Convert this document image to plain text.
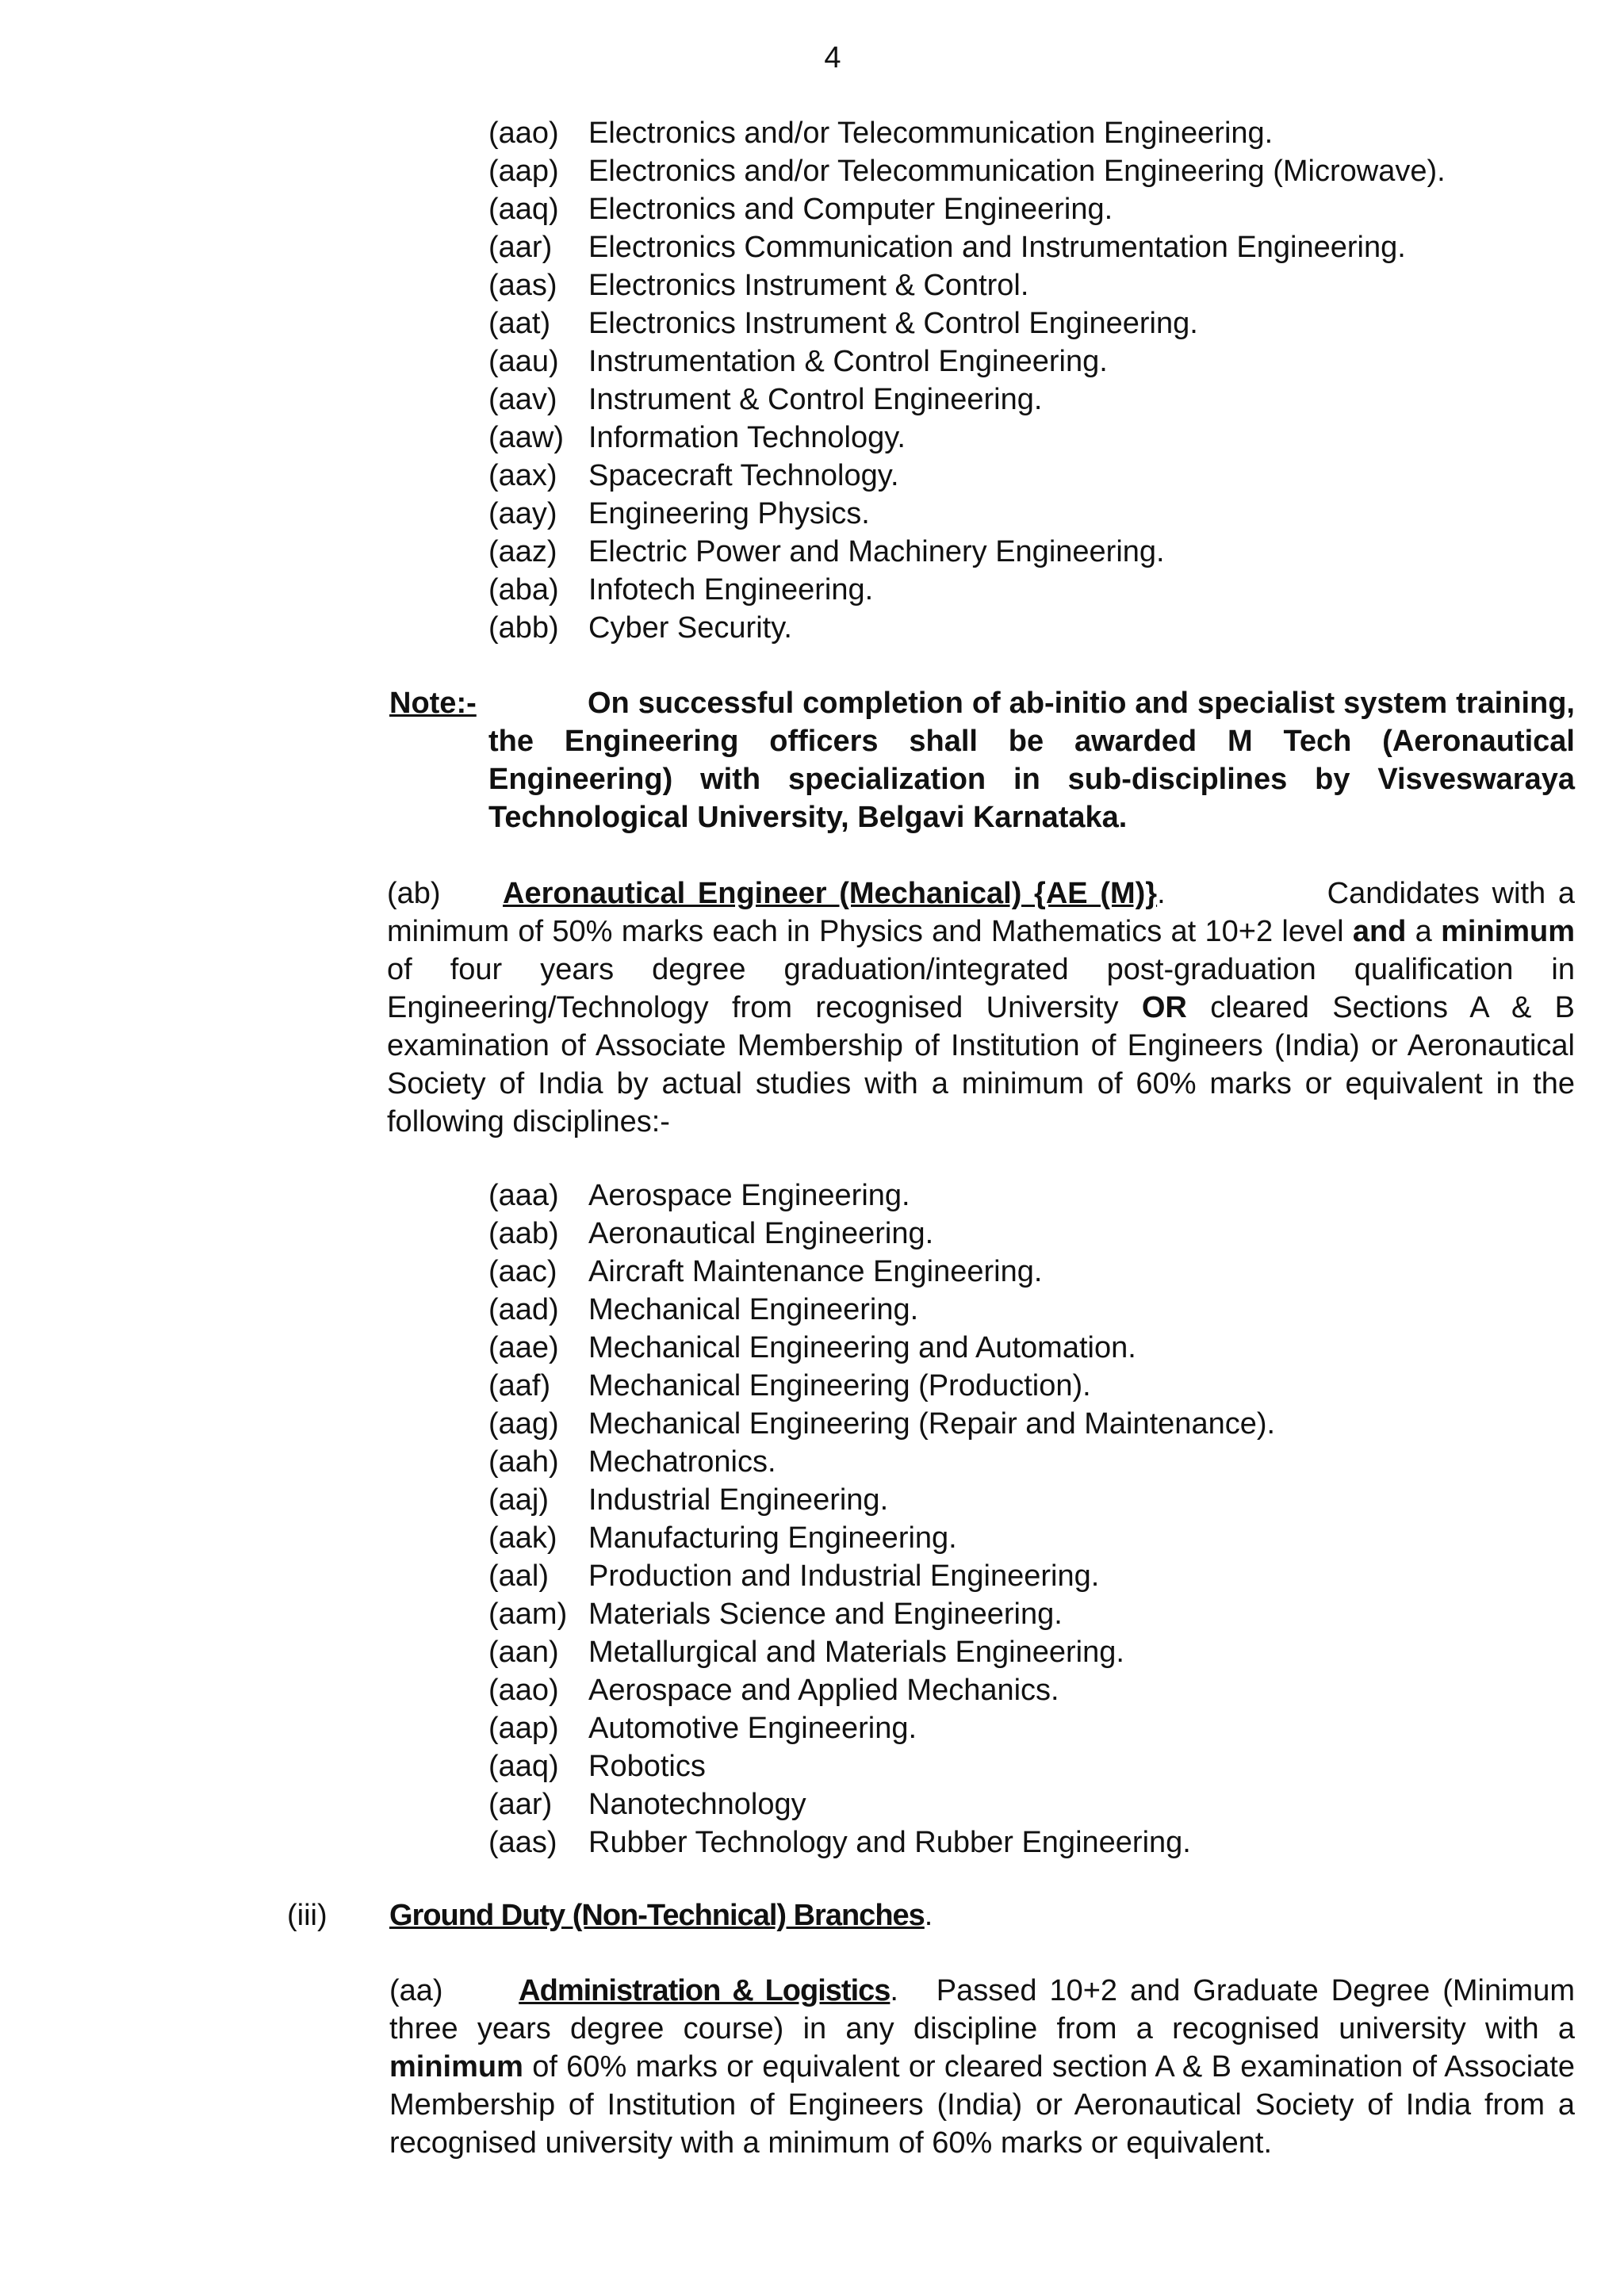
4
(aao) Electronics and/or Telecommunication Engineering.
(aap) Electronics and/or Telecommunication Engineering (Microwave).
(aaq) Electronics and Computer Engineering.
(aar)	Electronics Communication and Instrumentation Engineering.
(aas)	Electronics Instrument & Control.
(aat)	Electronics Instrument & Control Engineering.
(aau) Instrumentation & Control Engineering.
(aav)	Instrument & Control Engineering.
(aaw) Information Technology.
(aax)	Spacecraft Technology.
(aay)	Engineering Physics.
(aaz)	Electric Power and Machinery Engineering.
(aba) Infotech Engineering.
(abb) Cyber Security.
Note:-	On successful completion of ab-initio and specialist system training, the Engineering officers shall be awarded M Tech (Aeronautical Engineering) with specialization in sub-disciplines by Visveswaraya Technological University, Belgavi Karnataka.
(ab) Aeronautical Engineer (Mechanical) {AE (M)}.             Candidates with a minimum of 50% marks each in Physics and Mathematics at 10+2 level and a minimum of four years degree graduation/integrated post-graduation qualification in Engineering/Technology from recognised University OR cleared Sections A & B examination of Associate Membership of Institution of Engineers (India) or Aeronautical Society of India by actual studies with a minimum of 60% marks or equivalent in the following disciplines:-
(aaa) Aerospace Engineering.
(aab) Aeronautical Engineering.
(aac)	Aircraft Maintenance Engineering.
(aad) Mechanical Engineering.
(aae) Mechanical Engineering and Automation.
(aaf)	Mechanical Engineering (Production).
(aag) Mechanical Engineering (Repair and Maintenance).
(aah) Mechatronics.
(aaj)	Industrial Engineering.
(aak)	Manufacturing Engineering.
(aal)	Production and Industrial Engineering.
(aam) Materials Science and Engineering.
(aan) Metallurgical and Materials Engineering.
(aao) Aerospace and Applied Mechanics.
(aap) Automotive Engineering.
(aaq) Robotics
(aar)	Nanotechnology
(aas)	Rubber Technology and Rubber Engineering.
(iii) Ground Duty (Non-Technical) Branches.
(aa)	Administration & Logistics.   Passed 10+2 and Graduate Degree (Minimum three years degree course) in any discipline from a recognised university with a minimum of 60% marks or equivalent or cleared section A & B examination of Associate Membership of Institution of Engineers (India) or Aeronautical Society of India from a recognised university with a minimum of 60% marks or equivalent.
